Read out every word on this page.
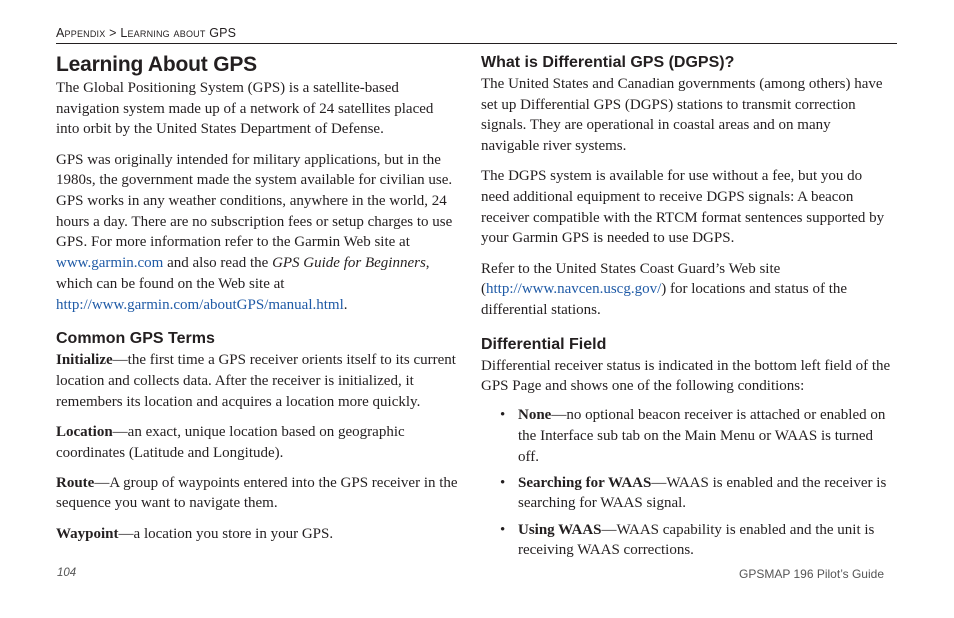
Appendix > Learning about GPS
Learning About GPS

The Global Positioning System (GPS) is a satellite-based navigation system made up of a network of 24 satellites placed into orbit by the United States Department of Defense.

GPS was originally intended for military applications, but in the 1980s, the government made the system available for civilian use. GPS works in any weather conditions, anywhere in the world, 24 hours a day. There are no subscription fees or setup charges to use GPS. For more information refer to the Garmin Web site at www.garmin.com and also read the GPS Guide for Beginners, which can be found on the Web site at http://www.garmin.com/aboutGPS/manual.html.

Common GPS Terms

Initialize—the first time a GPS receiver orients itself to its current location and collects data. After the receiver is initialized, it remembers its location and acquires a location more quickly.

Location—an exact, unique location based on geographic coordinates (Latitude and Longitude).

Route—A group of waypoints entered into the GPS receiver in the sequence you want to navigate them.

Waypoint—a location you store in your GPS.

What is Differential GPS (DGPS)?

The United States and Canadian governments (among others) have set up Differential GPS (DGPS) stations to transmit correction signals. They are operational in coastal areas and on many navigable river systems.

The DGPS system is available for use without a fee, but you do need additional equipment to receive DGPS signals: A beacon receiver compatible with the RTCM format sentences supported by your Garmin GPS is needed to use DGPS.

Refer to the United States Coast Guard’s Web site (http://www.navcen.uscg.gov/) for locations and status of the differential stations.

Differential Field

Differential receiver status is indicated in the bottom left field of the GPS Page and shows one of the following conditions:

• None—no optional beacon receiver is attached or enabled on the Interface sub tab on the Main Menu or WAAS is turned off.
• Searching for WAAS—WAAS is enabled and the receiver is searching for WAAS signal.
• Using WAAS—WAAS capability is enabled and the unit is receiving WAAS corrections.
104	GPSMAP 196 Pilot’s Guide
